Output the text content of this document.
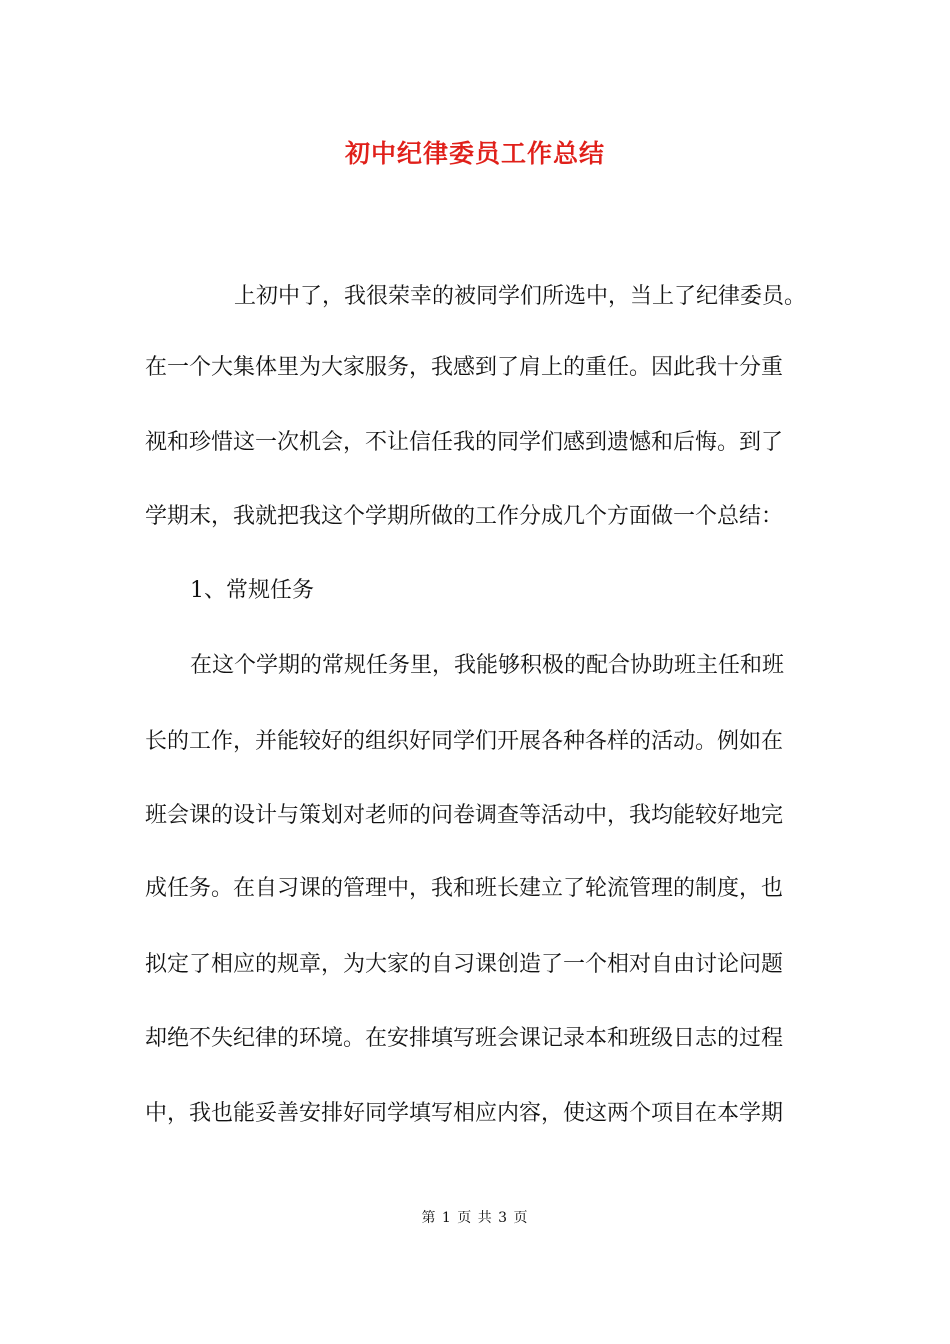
初中纪律委员工作总结
上初中了，我很荣幸的被同学们所选中，当上了纪律委员。
在一个大集体里为大家服务，我感到了肩上的重任。因此我十分重
视和珍惜这一次机会，不让信任我的同学们感到遗憾和后悔。到了
学期末，我就把我这个学期所做的工作分成几个方面做一个总结：
1、常规任务
在这个学期的常规任务里，我能够积极的配合协助班主任和班
长的工作，并能较好的组织好同学们开展各种各样的活动。例如在
班会课的设计与策划对老师的问卷调查等活动中，我均能较好地完
成任务。在自习课的管理中，我和班长建立了轮流管理的制度，也
拟定了相应的规章，为大家的自习课创造了一个相对自由讨论问题
却绝不失纪律的环境。在安排填写班会课记录本和班级日志的过程
中，我也能妥善安排好同学填写相应内容，使这两个项目在本学期
第 1 页 共 3 页
